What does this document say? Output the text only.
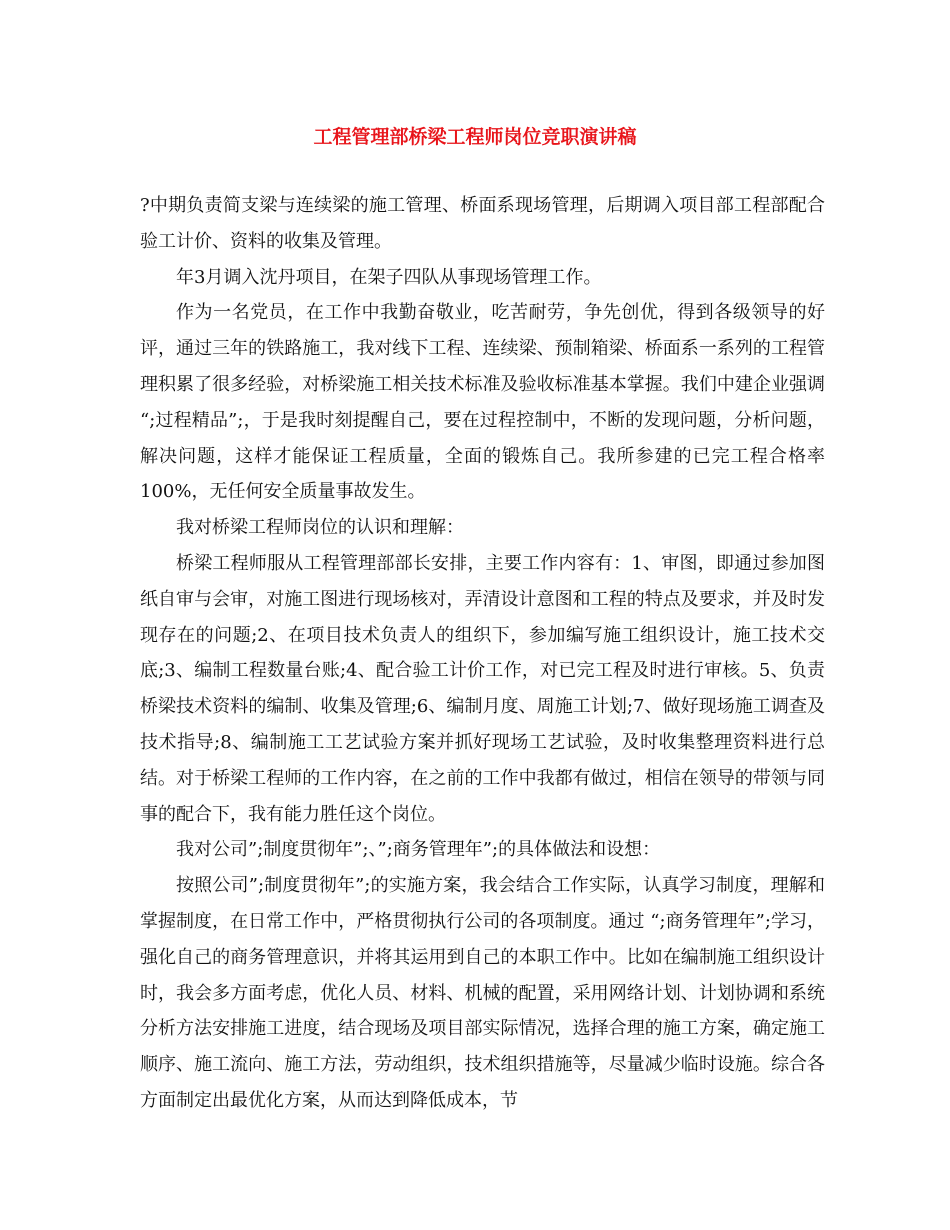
工程管理部桥梁工程师岗位竞职演讲稿

?中期负责简支梁与连续梁的施工管理、桥面系现场管理，后期调入项目部工程部配合验工计价、资料的收集及管理。

年3月调入沈丹项目，在架子四队从事现场管理工作。

作为一名党员，在工作中我勤奋敬业，吃苦耐劳，争先创优，得到各级领导的好评，通过三年的铁路施工，我对线下工程、连续梁、预制箱梁、桥面系一系列的工程管理积累了很多经验，对桥梁施工相关技术标准及验收标准基本掌握。我们中建企业强调 “;过程精品”;，于是我时刻提醒自己，要在过程控制中，不断的发现问题，分析问题，解决问题，这样才能保证工程质量，全面的锻炼自己。我所参建的已完工程合格率100%，无任何安全质量事故发生。

我对桥梁工程师岗位的认识和理解：

桥梁工程师服从工程管理部部长安排，主要工作内容有：1、审图，即通过参加图纸自审与会审，对施工图进行现场核对，弄清设计意图和工程的特点及要求，并及时发现存在的问题;2、在项目技术负责人的组织下，参加编写施工组织设计，施工技术交底;3、编制工程数量台账;4、配合验工计价工作，对已完工程及时进行审核。5、负责桥梁技术资料的编制、收集及管理;6、编制月度、周施工计划;7、做好现场施工调查及技术指导;8、编制施工工艺试验方案并抓好现场工艺试验，及时收集整理资料进行总结。对于桥梁工程师的工作内容，在之前的工作中我都有做过，相信在领导的带领与同事的配合下，我有能力胜任这个岗位。

我对公司”;制度贯彻年”;、”;商务管理年”;的具体做法和设想：

按照公司”;制度贯彻年”;的实施方案，我会结合工作实际，认真学习制度，理解和掌握制度，在日常工作中，严格贯彻执行公司的各项制度。通过 “;商务管理年”;学习，强化自己的商务管理意识，并将其运用到自己的本职工作中。比如在编制施工组织设计时，我会多方面考虑，优化人员、材料、机械的配置，采用网络计划、计划协调和系统分析方法安排施工进度，结合现场及项目部实际情况，选择合理的施工方案，确定施工顺序、施工流向、施工方法，劳动组织，技术组织措施等，尽量减少临时设施。综合各方面制定出最优化方案，从而达到降低成本，节
